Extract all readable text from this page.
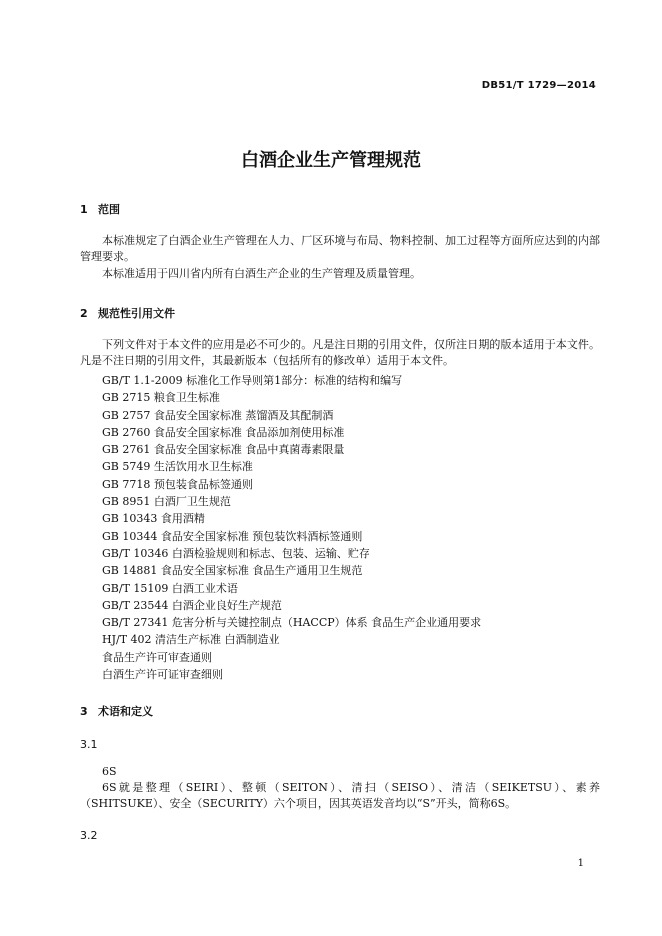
DB51/T 1729—2014
白酒企业生产管理规范
1 范围
本标准规定了白酒企业生产管理在人力、厂区环境与布局、物料控制、加工过程等方面所应达到的内部管理要求。
本标准适用于四川省内所有白酒生产企业的生产管理及质量管理。
2 规范性引用文件
下列文件对于本文件的应用是必不可少的。凡是注日期的引用文件，仅所注日期的版本适用于本文件。凡是不注日期的引用文件，其最新版本（包括所有的修改单）适用于本文件。
GB/T 1.1-2009 标准化工作导则第1部分：标准的结构和编写
GB 2715 粮食卫生标准
GB 2757 食品安全国家标准 蒸馏酒及其配制酒
GB 2760 食品安全国家标准 食品添加剂使用标准
GB 2761 食品安全国家标准 食品中真菌毒素限量
GB 5749 生活饮用水卫生标准
GB 7718 预包装食品标签通则
GB 8951 白酒厂卫生规范
GB 10343 食用酒精
GB 10344 食品安全国家标准 预包装饮料酒标签通则
GB/T 10346 白酒检验规则和标志、包装、运输、贮存
GB 14881 食品安全国家标准 食品生产通用卫生规范
GB/T 15109 白酒工业术语
GB/T 23544 白酒企业良好生产规范
GB/T 27341 危害分析与关键控制点（HACCP）体系 食品生产企业通用要求
HJ/T 402 清洁生产标准 白酒制造业
食品生产许可审查通则
白酒生产许可证审查细则
3 术语和定义
3.1
6S
6S就是整理（SEIRI）、整顿（SEITON）、清扫（SEISO）、清洁（SEIKETSU）、素养（SHITSUKE）、安全（SECURITY）六个项目，因其英语发音均以“S”开头，简称6S。
3.2
1
